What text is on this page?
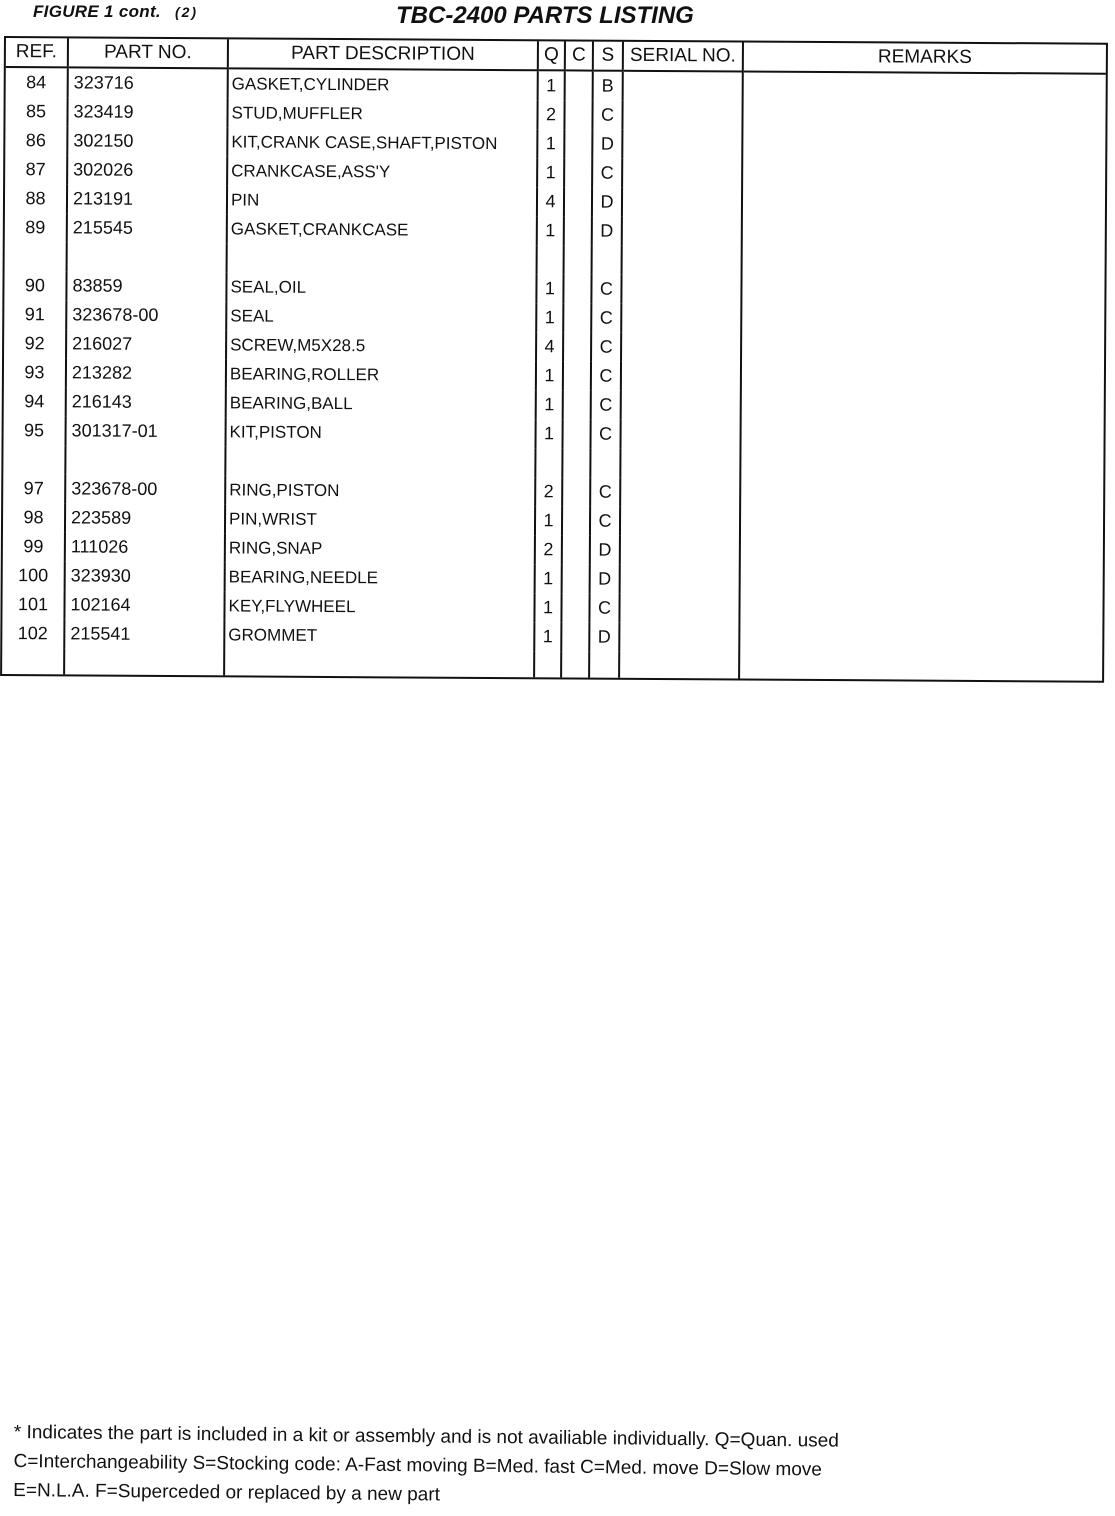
FIGURE 1 cont. (2)	TBC-2400 PARTS LISTING
REF.	PART NO.	PART DESCRIPTION	Q	C	S	SERIAL NO.	REMARKS
84	323716	GASKET,CYLINDER	1		B		
85	323419	STUD,MUFFLER	2		C		
86	302150	KIT,CRANK CASE,SHAFT,PISTON	1		D		
87	302026	CRANKCASE,ASS'Y	1		C		
88	213191	PIN	4		D		
89	215545	GASKET,CRANKCASE	1		D		

90	83859	SEAL,OIL	1		C		
91	323678-00	SEAL	1		C		
92	216027	SCREW,M5X28.5	4		C		
93	213282	BEARING,ROLLER	1		C		
94	216143	BEARING,BALL	1		C		
95	301317-01	KIT,PISTON	1		C		

97	323678-00	RING,PISTON	2		C		
98	223589	PIN,WRIST	1		C		
99	111026	RING,SNAP	2		D		
100	323930	BEARING,NEEDLE	1		D		
101	102164	KEY,FLYWHEEL	1		C		
102	215541	GROMMET	1		D		

* Indicates the part is included in a kit or assembly and is not availiable individually. Q=Quan. used
C=Interchangeability S=Stocking code: A-Fast moving B=Med. fast C=Med. move D=Slow move
E=N.L.A. F=Superceded or replaced by a new part
